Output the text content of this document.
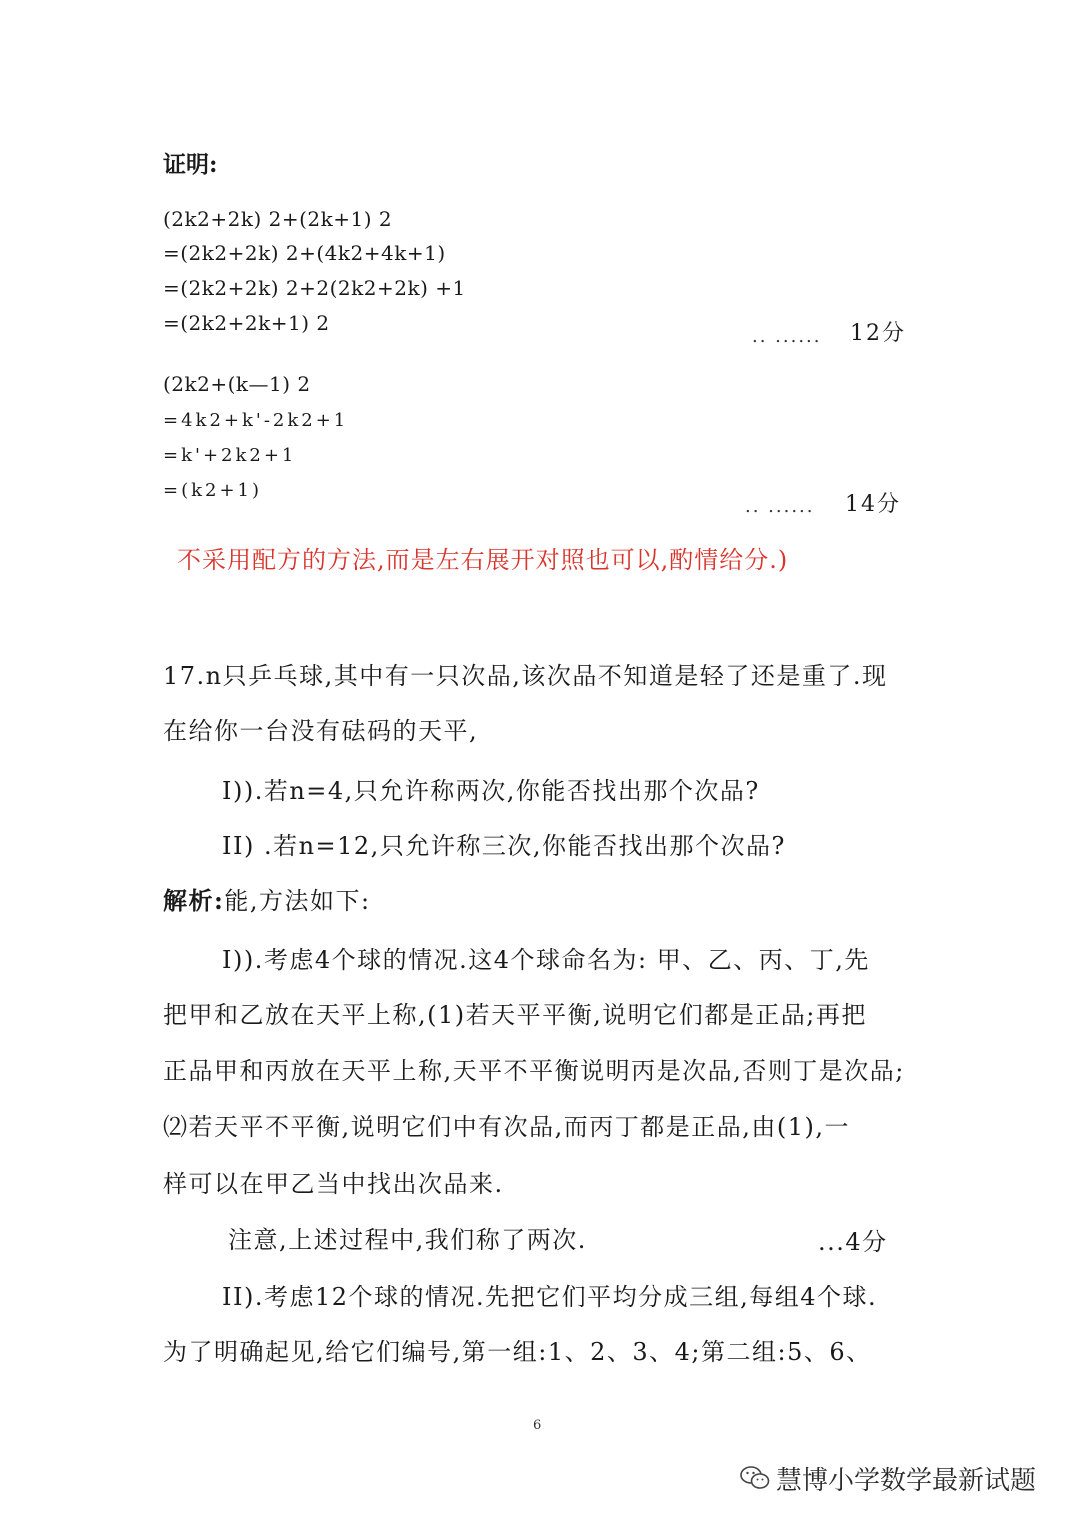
证明:
(2k2+2k) 2+(2k+1) 2
=(2k2+2k) 2+(4k2+4k+1)
=(2k2+2k) 2+2(2k2+2k) +1
=(2k2+2k+1) 2
.. ...... 12分
(2k2+(k—1) 2
=4k2+k'-2k2+1
=k'+2k2+1
=(k2+1)
.. ...... 14分
不采用配方的方法,而是左右展开对照也可以,酌情给分.)
17.n只乒乓球,其中有一只次品,该次品不知道是轻了还是重了.现
在给你一台没有砝码的天平,
I)).若n=4,只允许称两次,你能否找出那个次品?
II) .若n=12,只允许称三次,你能否找出那个次品?
解析:能,方法如下:
I)).考虑4个球的情况.这4个球命名为: 甲、乙、丙、丁,先
把甲和乙放在天平上称,(1)若天平平衡,说明它们都是正品;再把
正品甲和丙放在天平上称,天平不平衡说明丙是次品,否则丁是次品;
⑵若天平不平衡,说明它们中有次品,而丙丁都是正品,由(1),一
样可以在甲乙当中找出次品来.
注意,上述过程中,我们称了两次.	...4分
II).考虑12个球的情况.先把它们平均分成三组,每组4个球.
为了明确起见,给它们编号,第一组:1、2、3、4;第二组:5、6、
6
慧博小学数学最新试题
